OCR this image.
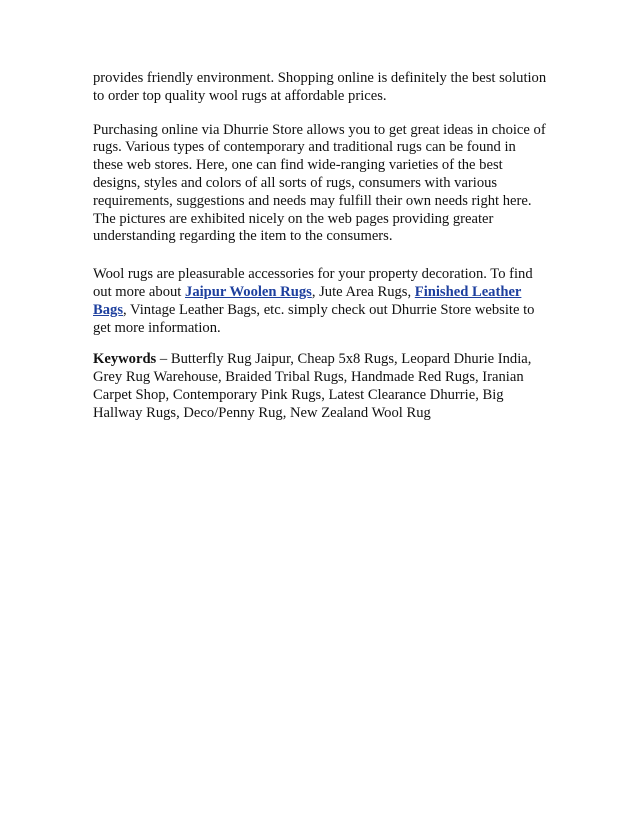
provides friendly environment. Shopping online is definitely the best solution to order top quality wool rugs at affordable prices.

Purchasing online via Dhurrie Store allows you to get great ideas in choice of rugs. Various types of contemporary and traditional rugs can be found in these web stores. Here, one can find wide-ranging varieties of the best designs, styles and colors of all sorts of rugs, consumers with various requirements, suggestions and needs may fulfill their own needs right here. The pictures are exhibited nicely on the web pages providing greater understanding regarding the item to the consumers.

Wool rugs are pleasurable accessories for your property decoration. To find out more about Jaipur Woolen Rugs, Jute Area Rugs, Finished Leather Bags, Vintage Leather Bags, etc. simply check out Dhurrie Store website to get more information.

Keywords – Butterfly Rug Jaipur, Cheap 5x8 Rugs, Leopard Dhurie India, Grey Rug Warehouse, Braided Tribal Rugs, Handmade Red Rugs, Iranian Carpet Shop, Contemporary Pink Rugs, Latest Clearance Dhurrie, Big Hallway Rugs, Deco/Penny Rug, New Zealand Wool Rug
